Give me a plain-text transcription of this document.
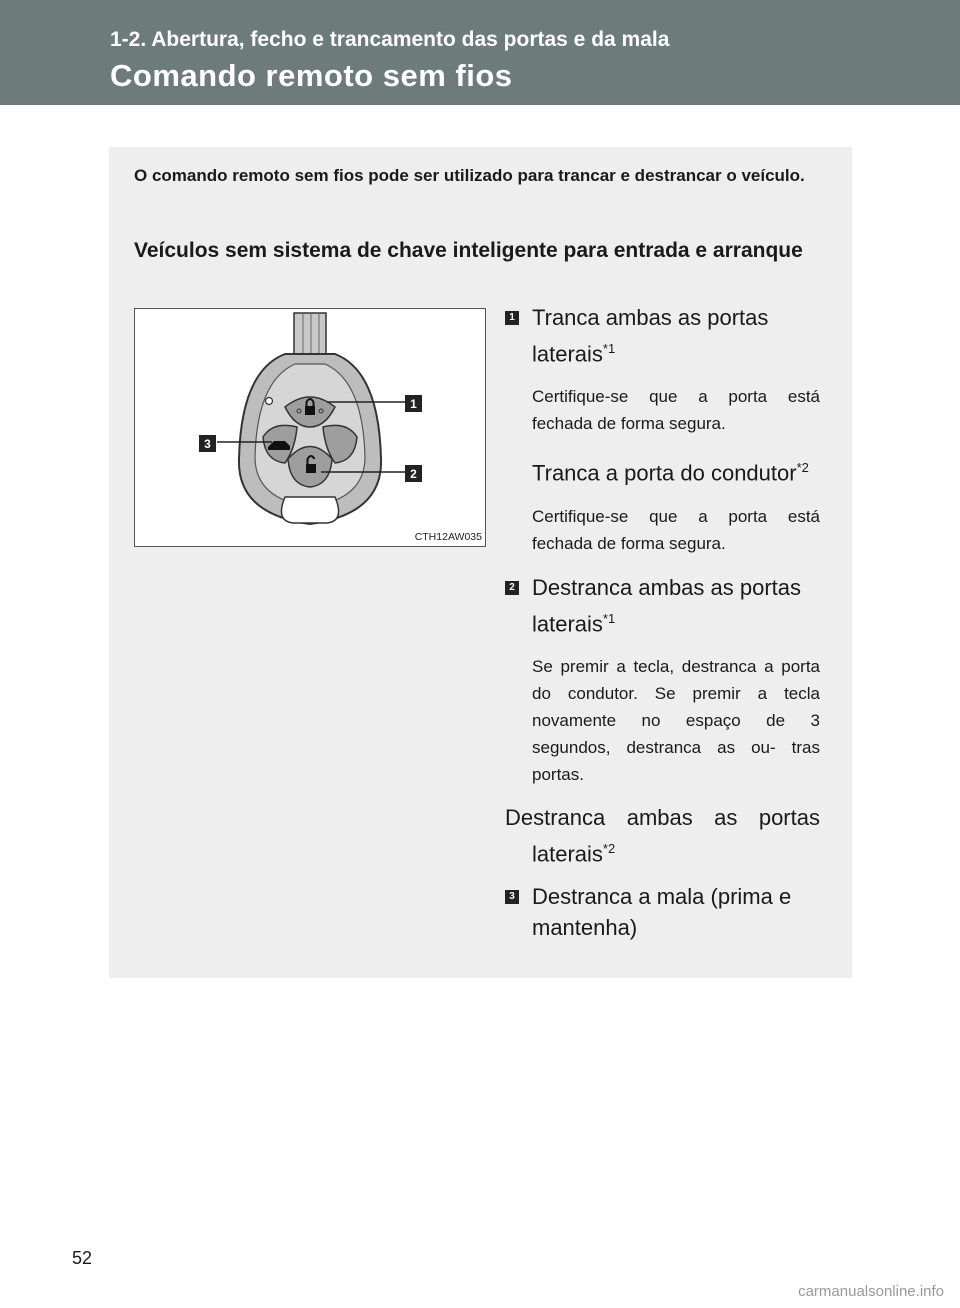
1-2. Abertura, fecho e trancamento das portas e da mala
Comando remoto sem fios
O comando remoto sem fios pode ser utilizado para trancar e destrancar o veículo.
Veículos sem sistema de chave inteligente para entrada e arranque
1
2
3
CTH12AW035
1 Tranca ambas as portas laterais$^{*1}$
Certifique-se que a porta está fechada de forma segura.
Tranca a porta do condutor$^{*2}$
Certifique-se que a porta está fechada de forma segura.
2 Destranca ambas as portas laterais$^{*1}$
Se premir a tecla, destranca a porta do condutor. Se premir a tecla novamente no espaço de 3 segundos, destranca as ou- tras portas.
Destranca ambas as portas laterais$^{*2}$
3 Destranca a mala (prima e mantenha)
52
carmanualsonline.info
